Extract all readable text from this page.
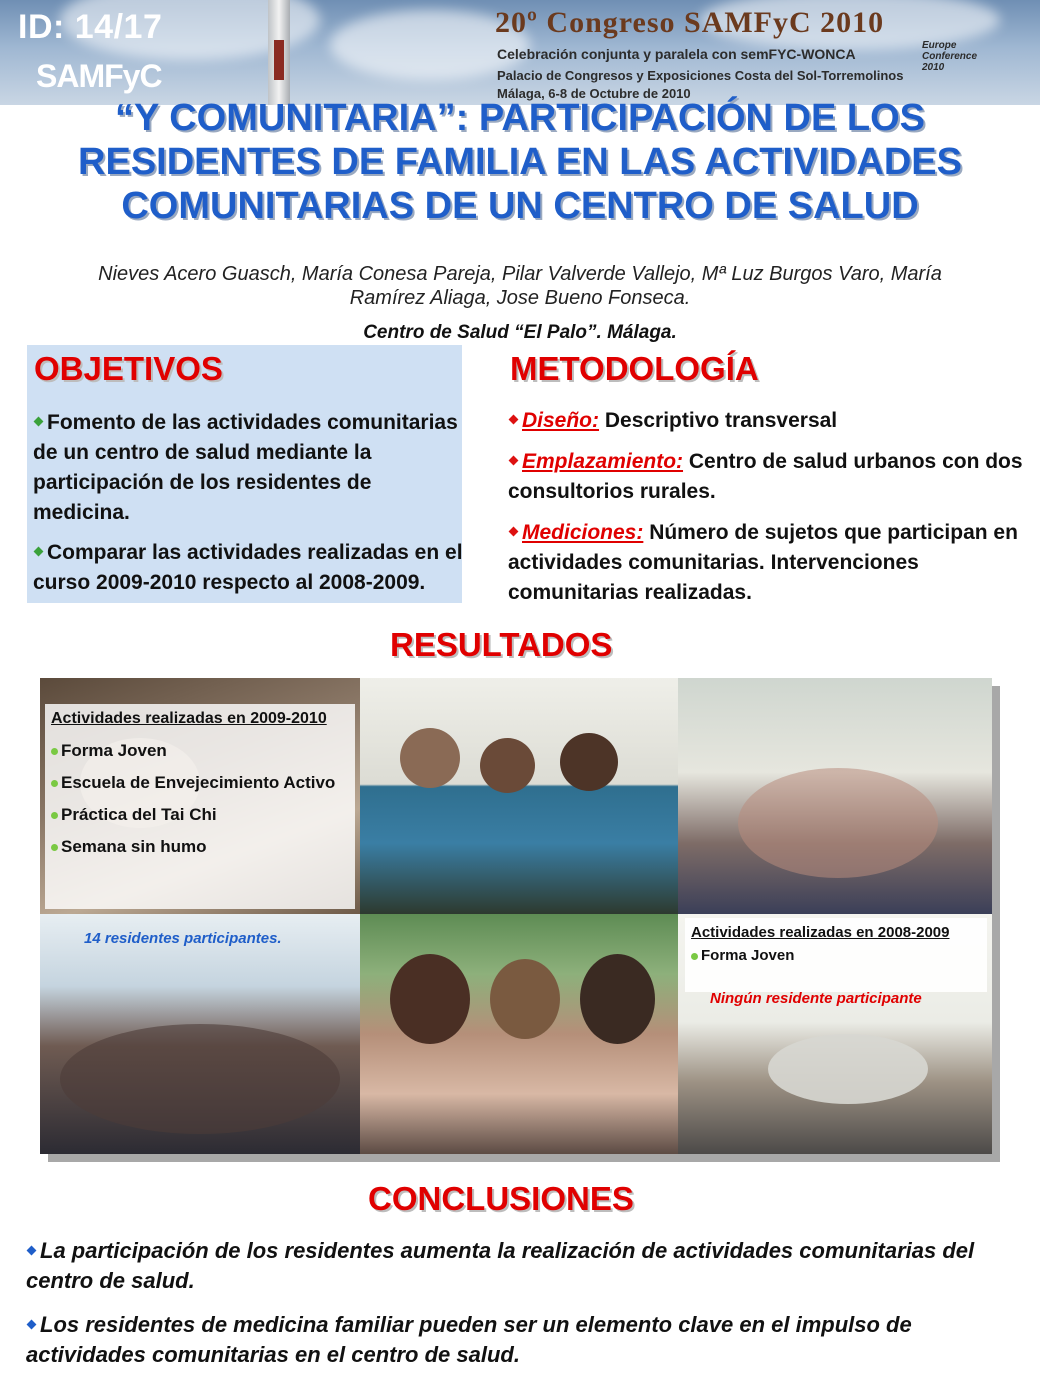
ID: 14/17
SAMFyC
20º Congreso SAMFyC 2010
Celebración conjunta y paralela con semFYC-WONCA
Europe Conference 2010
Palacio de Congresos y Exposiciones Costa del Sol-Torremolinos
Málaga, 6-8 de Octubre de 2010
“Y COMUNITARIA”: PARTICIPACIÓN DE LOS RESIDENTES DE FAMILIA EN LAS ACTIVIDADES COMUNITARIAS DE UN CENTRO DE SALUD
Nieves Acero Guasch, María Conesa Pareja, Pilar Valverde Vallejo, Mª Luz Burgos Varo, María Ramírez Aliaga, Jose Bueno Fonseca.
Centro de Salud “El Palo”. Málaga.
OBJETIVOS

Fomento de las actividades comunitarias de un centro de salud mediante la participación de los residentes de medicina.

Comparar las actividades realizadas en el curso 2009-2010 respecto al 2008-2009.

METODOLOGÍA

Diseño: Descriptivo transversal

Emplazamiento: Centro de salud urbanos con dos consultorios rurales.

Mediciones: Número de sujetos que participan en actividades comunitarias. Intervenciones comunitarias realizadas.

RESULTADOS
Actividades realizadas en 2009-2010
Forma Joven
Escuela de Envejecimiento Activo
Práctica del Tai Chi
Semana sin humo
14 residentes participantes.	Actividades realizadas en 2008-2009
Forma Joven
Ningún residente participante
CONCLUSIONES

La participación de los residentes aumenta la realización de actividades comunitarias del centro de salud.

Los residentes de medicina familiar pueden ser un elemento clave en el impulso de actividades comunitarias en el centro de salud.
